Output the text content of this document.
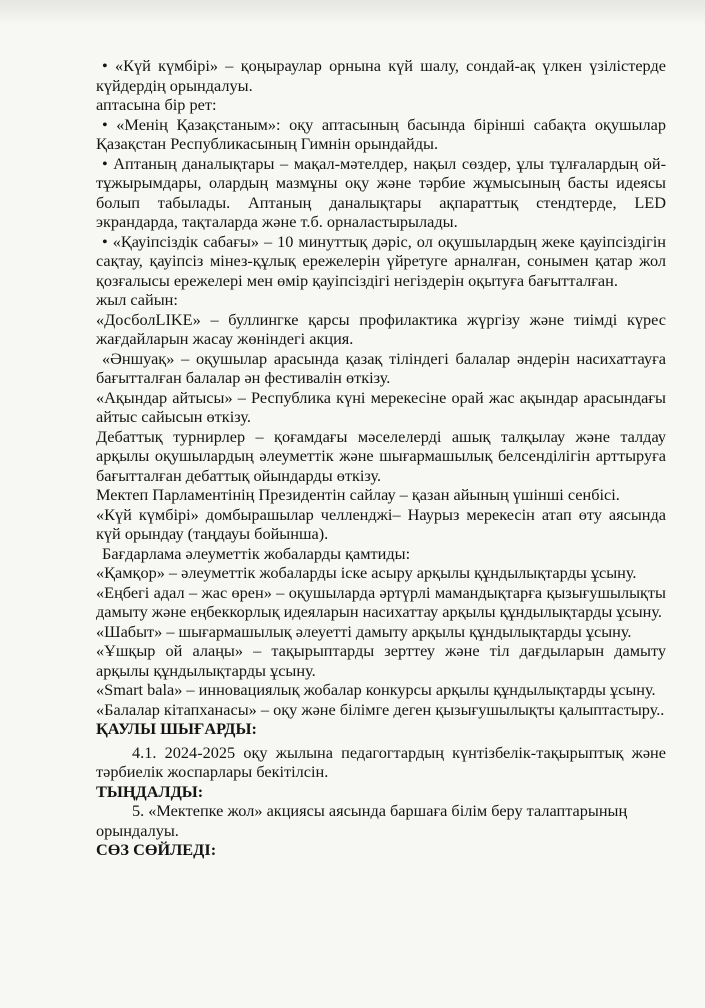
• «Күй күмбірі» – қоңыраулар орнына күй шалу, сондай-ақ үлкен үзілістерде күйдердің орындалуы.

аптасына бір рет:

• «Менің Қазақстаным»: оқу аптасының басында бірінші сабақта оқушылар Қазақстан Республикасының Гимнін орындайды.

• Аптаның даналықтары – мақал-мәтелдер, нақыл сөздер, ұлы тұлғалардың ой-тұжырымдары, олардың мазмұны оқу және тәрбие жұмысының басты идеясы болып табылады. Аптаның даналықтары ақпараттық стендтерде, LED экрандарда, тақталарда және т.б. орналастырылады.

• «Қауіпсіздік сабағы» – 10 минуттық дәріс, ол оқушылардың жеке қауіпсіздігін сақтау, қауіпсіз мінез-құлық ережелерін үйретуге арналған, сонымен қатар жол қозғалысы ережелері мен өмір қауіпсіздігі негіздерін оқытуға бағытталған.

жыл сайын:

«ДосболLIKE» – буллингке қарсы профилактика жүргізу және тиімді күрес жағдайларын жасау жөніндегі акция.

«Әншуақ» – оқушылар арасында қазақ тіліндегі балалар әндерін насихаттауға бағытталған балалар ән фестивалін өткізу.

«Ақындар айтысы» – Республика күні мерекесіне орай жас ақындар арасындағы айтыс сайысын өткізу.

Дебаттық турнирлер – қоғамдағы мәселелерді ашық талқылау және талдау арқылы оқушылардың әлеуметтік және шығармашылық белсенділігін арттыруға бағытталған дебаттық ойындарды өткізу.

Мектеп Парламентінің Президентін сайлау – қазан айының үшінші сенбісі.

«Күй күмбірі» домбырашылар челленджі– Наурыз мерекесін атап өту аясында күй орындау (таңдауы бойынша).

Бағдарлама әлеуметтік жобаларды қамтиды:

«Қамқор» – әлеуметтік жобаларды іске асыру арқылы құндылықтарды ұсыну.

«Еңбегі адал – жас өрен» – оқушыларда әртүрлі мамандықтарға қызығушылықты дамыту және еңбеккорлық идеяларын насихаттау арқылы құндылықтарды ұсыну.

«Шабыт» – шығармашылық әлеуетті дамыту арқылы құндылықтарды ұсыну.

«Ұшқыр ой алаңы» – тақырыптарды зерттеу және тіл дағдыларын дамыту арқылы құндылықтарды ұсыну.

«Smart bala» – инновациялық жобалар конкурсы арқылы құндылықтарды ұсыну.

«Балалар кітапханасы» – оқу және білімге деген қызығушылықты қалыптастыру..

ҚАУЛЫ ШЫҒАРДЫ:

4.1. 2024-2025 оқу жылына педагогтардың күнтізбелік-тақырыптық және тәрбиелік жоспарлары бекітілсін.

ТЫҢДАЛДЫ:

5. «Мектепке жол» акциясы аясында баршаға білім беру талаптарының орындалуы.

СӨЗ СӨЙЛЕДІ:
